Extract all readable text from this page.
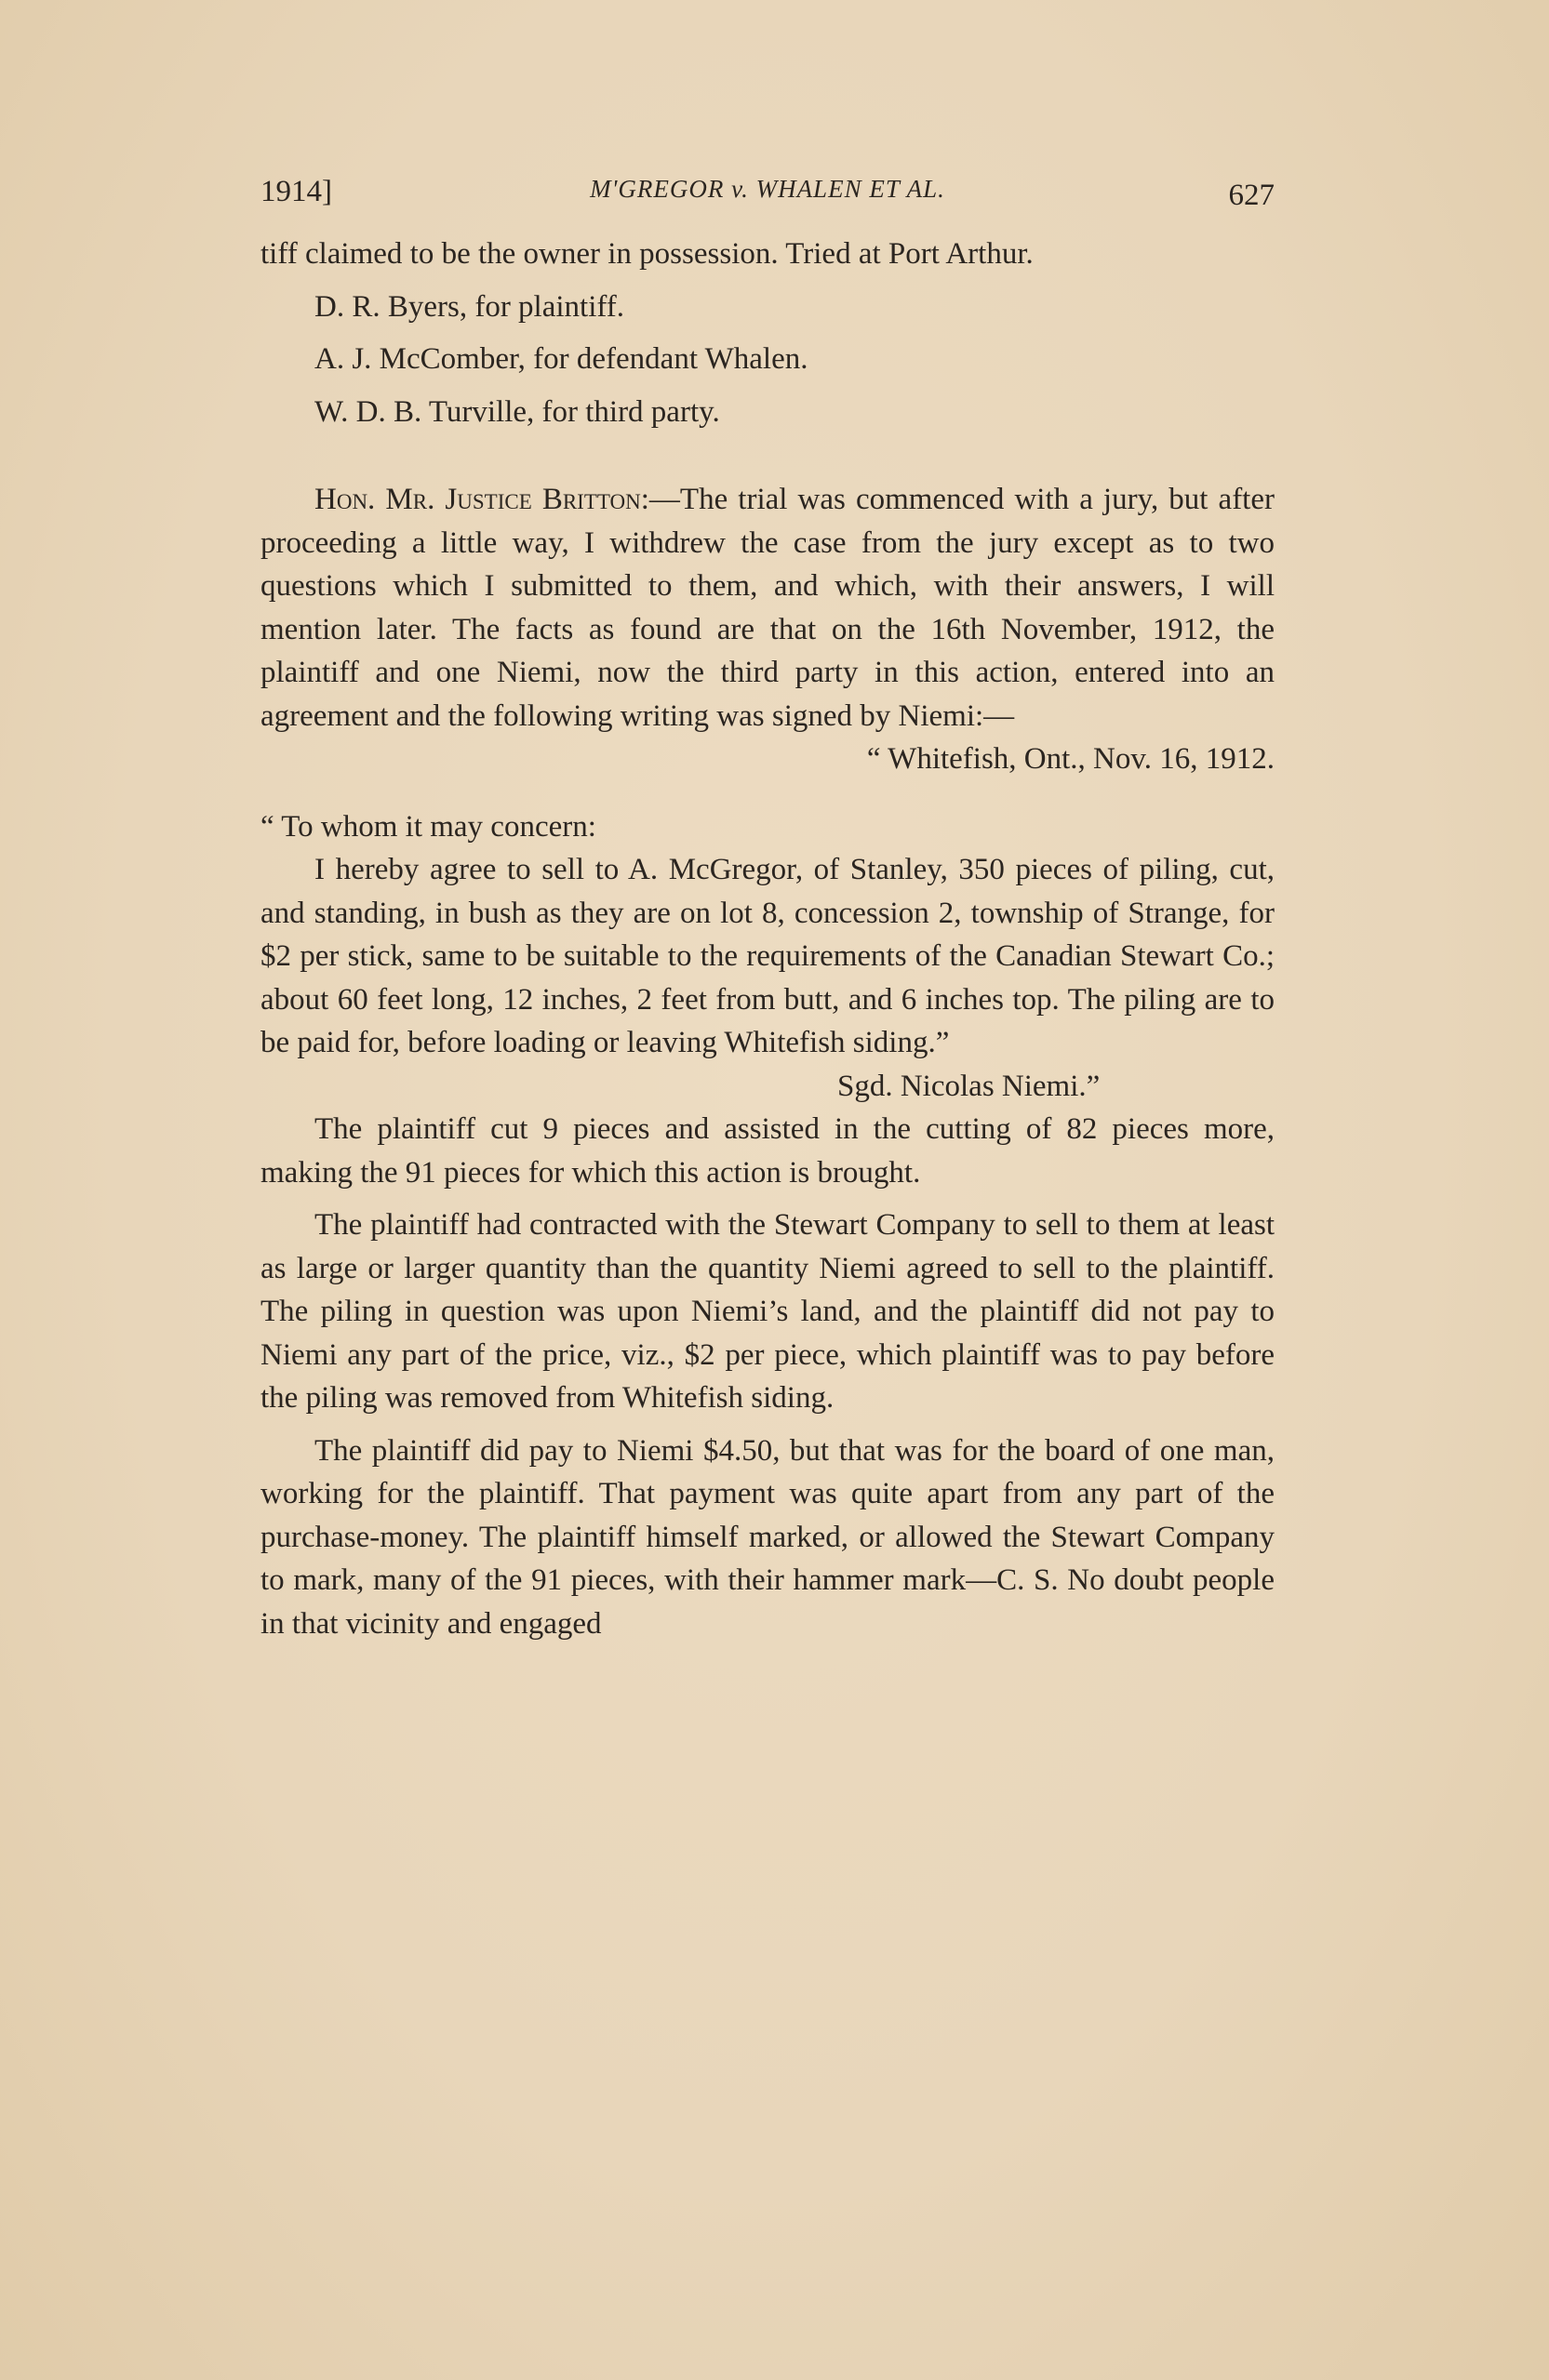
1914]	M'GREGOR v. WHALEN ET AL.	627

tiff claimed to be the owner in possession. Tried at Port Arthur.

D. R. Byers, for plaintiff.

A. J. McComber, for defendant Whalen.

W. D. B. Turville, for third party.

Hon. Mr. Justice Britton:—The trial was commenced with a jury, but after proceeding a little way, I withdrew the case from the jury except as to two questions which I submitted to them, and which, with their answers, I will mention later. The facts as found are that on the 16th November, 1912, the plaintiff and one Niemi, now the third party in this action, entered into an agreement and the following writing was signed by Niemi:—

“ Whitefish, Ont., Nov. 16, 1912.

“ To whom it may concern:

I hereby agree to sell to A. McGregor, of Stanley, 350 pieces of piling, cut, and standing, in bush as they are on lot 8, concession 2, township of Strange, for $2 per stick, same to be suitable to the requirements of the Canadian Stewart Co.; about 60 feet long, 12 inches, 2 feet from butt, and 6 inches top. The piling are to be paid for, before loading or leaving Whitefish siding.”

Sgd. Nicolas Niemi.”

The plaintiff cut 9 pieces and assisted in the cutting of 82 pieces more, making the 91 pieces for which this action is brought.

The plaintiff had contracted with the Stewart Company to sell to them at least as large or larger quantity than the quantity Niemi agreed to sell to the plaintiff. The piling in question was upon Niemi’s land, and the plaintiff did not pay to Niemi any part of the price, viz., $2 per piece, which plaintiff was to pay before the piling was removed from Whitefish siding.

The plaintiff did pay to Niemi $4.50, but that was for the board of one man, working for the plaintiff. That payment was quite apart from any part of the purchase-money. The plaintiff himself marked, or allowed the Stewart Company to mark, many of the 91 pieces, with their hammer mark—C. S. No doubt people in that vicinity and engaged
